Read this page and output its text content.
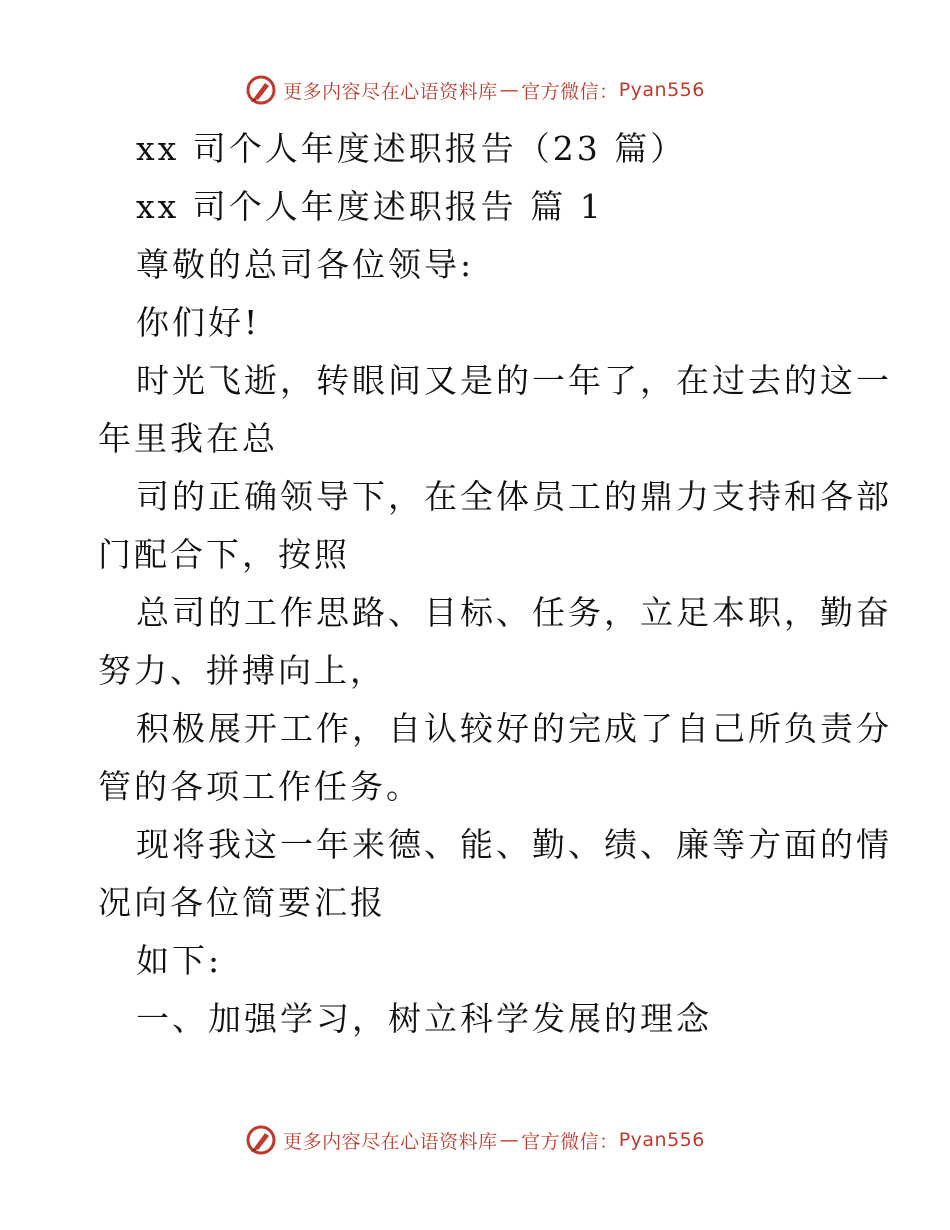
更多内容尽在心语资料库 — 官方微信： Pyan556
xx 司个人年度述职报告（23 篇）
xx 司个人年度述职报告 篇 1
尊敬的总司各位领导:
你们好!
时光飞逝，转眼间又是的一年了，在过去的这一
年里我在总
司的正确领导下，在全体员工的鼎力支持和各部
门配合下，按照
总司的工作思路、目标、任务，立足本职，勤奋
努力、拼搏向上，
积极展开工作，自认较好的完成了自己所负责分
管的各项工作任务。
现将我这一年来德、能、勤、绩、廉等方面的情
况向各位简要汇报
如下:
一、加强学习，树立科学发展的理念
更多内容尽在心语资料库 — 官方微信： Pyan556
